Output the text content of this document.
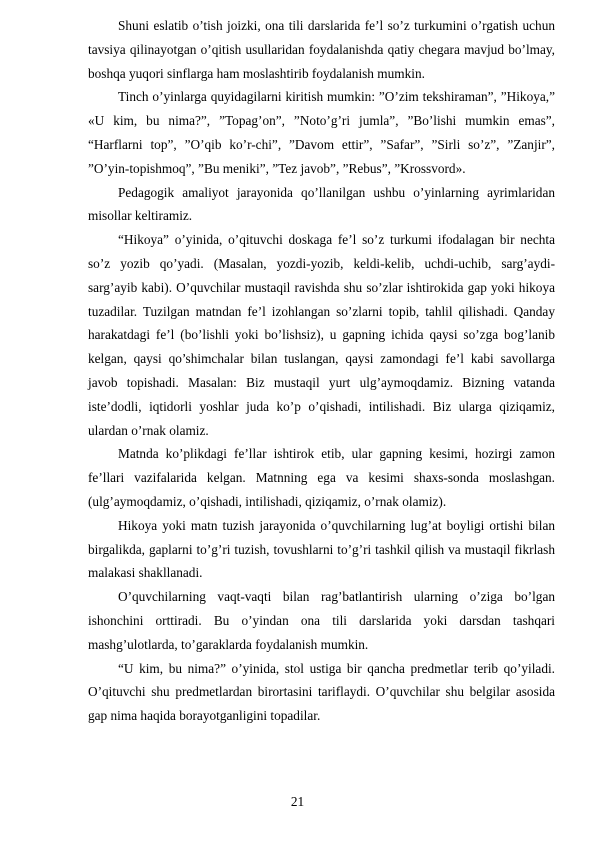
Shuni eslatib o’tish joizki, ona tili darslarida fe’l so’z turkumini o’rgatish uchun tavsiya qilinayotgan o’qitish usullaridan foydalanishda qatiy chegara mavjud bo’lmay, boshqa yuqori sinflarga ham moslashtirib foydalanish mumkin.

Tinch o’yinlarga quyidagilarni kiritish mumkin: ”O’zim tekshiraman”, ”Hikoya,” «U kim, bu nima?”, ”Topag’on”, ”Noto’g’ri jumla”, ”Bo’lishi mumkin emas”, “Harflarni top”, ”O’qib ko’r-chi”, ”Davom ettir”, ”Safar”, ”Sirli so’z”, ”Zanjir”, ”O’yin-topishmoq”, ”Bu meniki”, ”Tez javob”, ”Rebus”, ”Krossvord».

Pedagogik amaliyot jarayonida qo’llanilgan ushbu o’yinlarning ayrimlaridan misollar keltiramiz.

“Hikoya” o’yinida, o’qituvchi doskaga fe’l so’z turkumi ifodalagan bir nechta so’z yozib qo’yadi. (Masalan, yozdi-yozib, keldi-kelib, uchdi-uchib, sarg’aydi-sarg’ayib kabi). O’quvchilar mustaqil ravishda shu so’zlar ishtirokida gap yoki hikoya tuzadilar. Tuzilgan matndan fe’l izohlangan so’zlarni topib, tahlil qilishadi. Qanday harakatdagi fe’l (bo’lishli yoki bo’lishsiz), u gapning ichida qaysi so’zga bog’lanib kelgan, qaysi qo’shimchalar bilan tuslangan, qaysi zamondagi fe’l kabi savollarga javob topishadi. Masalan: Biz mustaqil yurt ulg’aymoqdamiz. Bizning vatanda iste’dodli, iqtidorli yoshlar juda ko’p o’qishadi, intilishadi. Biz ularga qiziqamiz, ulardan o’rnak olamiz.

Matnda ko’plikdagi fe’llar ishtirok etib, ular gapning kesimi, hozirgi zamon fe’llari vazifalarida kelgan. Matnning ega va kesimi shaxs-sonda moslashgan. (ulg’aymoqdamiz, o’qishadi, intilishadi, qiziqamiz, o’rnak olamiz).

Hikoya yoki matn tuzish jarayonida o’quvchilarning lug’at boyligi ortishi bilan birgalikda, gaplarni to’g’ri tuzish, tovushlarni to’g’ri tashkil qilish va mustaqil fikrlash malakasi shakllanadi.

O’quvchilarning vaqt-vaqti bilan rag’batlantirish ularning o’ziga bo’lgan ishonchini orttiradi. Bu o’yindan ona tili darslarida yoki darsdan tashqari mashg’ulotlarda, to’garaklarda foydalanish mumkin.

“U kim, bu nima?” o’yinida, stol ustiga bir qancha predmetlar terib qo’yiladi. O’qituvchi shu predmetlardan birortasini tariflaydi. O’quvchilar shu belgilar asosida gap nima haqida borayotganligini topadilar.

21
